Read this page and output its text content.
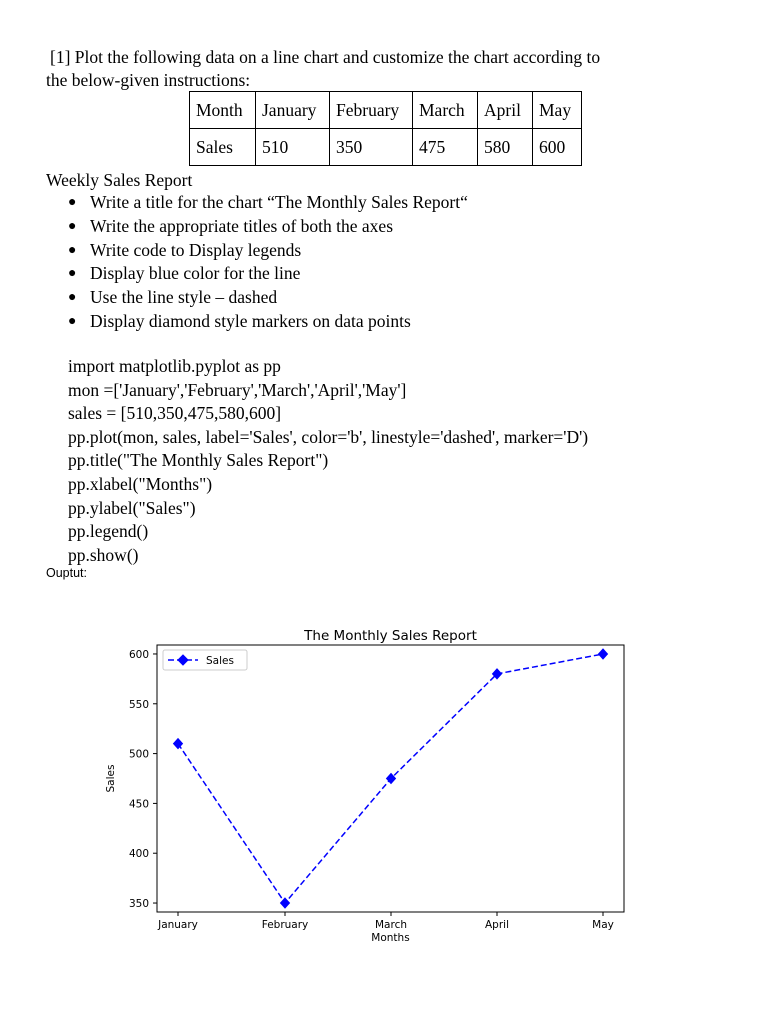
[1] Plot the following data on a line chart and customize the chart according to
the below-given instructions:
Month	January	February	March	April	May
Sales	510	350	475	580	600
Weekly Sales Report
● Write a title for the chart “The Monthly Sales Report“
● Write the appropriate titles of both the axes
● Write code to Display legends
● Display blue color for the line
● Use the line style – dashed
● Display diamond style markers on data points
import matplotlib.pyplot as pp
mon =['January','February','March','April','May']
sales = [510,350,475,580,600]
pp.plot(mon, sales, label='Sales', color='b', linestyle='dashed', marker='D')
pp.title("The Monthly Sales Report")
pp.xlabel("Months")
pp.ylabel("Sales")
pp.legend()
pp.show()
Ouptut:
The Monthly Sales Report
350
400
450
500
550
600
January	February	March	April	May
Months
Sales
Sales
